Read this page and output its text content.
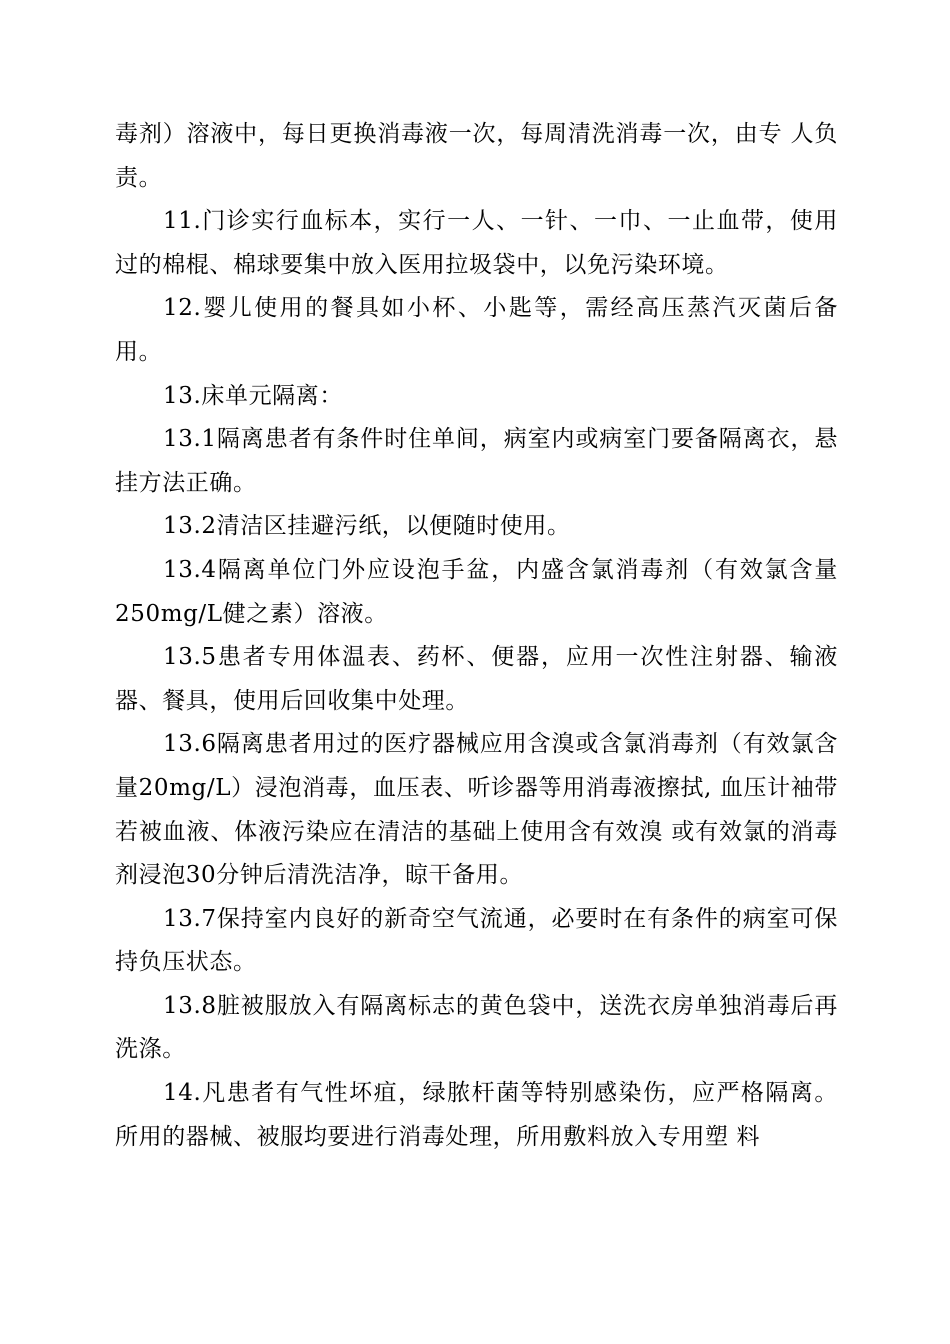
毒剂）溶液中，每日更换消毒液一次，每周清洗消毒一次，由专 人负责。

11.门诊实行血标本，实行一人、一针、一巾、一止血带，使用过的棉棍、棉球要集中放入医用拉圾袋中，以免污染环境。

12.婴儿使用的餐具如小杯、小匙等，需经高压蒸汽灭菌后备用。

13.床单元隔离：

13.1隔离患者有条件时住单间，病室内或病室门要备隔离衣，悬挂方法正确。

13.2清洁区挂避污纸，以便随时使用。

13.4隔离单位门外应设泡手盆，内盛含氯消毒剂（有效氯含量250mg/L健之素）溶液。

13.5患者专用体温表、药杯、便器，应用一次性注射器、输液器、餐具，使用后回收集中处理。

13.6隔离患者用过的医疗器械应用含溴或含氯消毒剂（有效氯含量20mg/L）浸泡消毒，血压表、听诊器等用消毒液擦拭, 血压计袖带若被血液、体液污染应在清洁的基础上使用含有效溴 或有效氯的消毒剂浸泡30分钟后清洗洁净，晾干备用。

13.7保持室内良好的新奇空气流通，必要时在有条件的病室可保持负压状态。

13.8脏被服放入有隔离标志的黄色袋中，送洗衣房单独消毒后再洗涤。

14.凡患者有气性坏疽，绿脓杆菌等特别感染伤，应严格隔离。所用的器械、被服均要进行消毒处理，所用敷料放入专用塑 料
